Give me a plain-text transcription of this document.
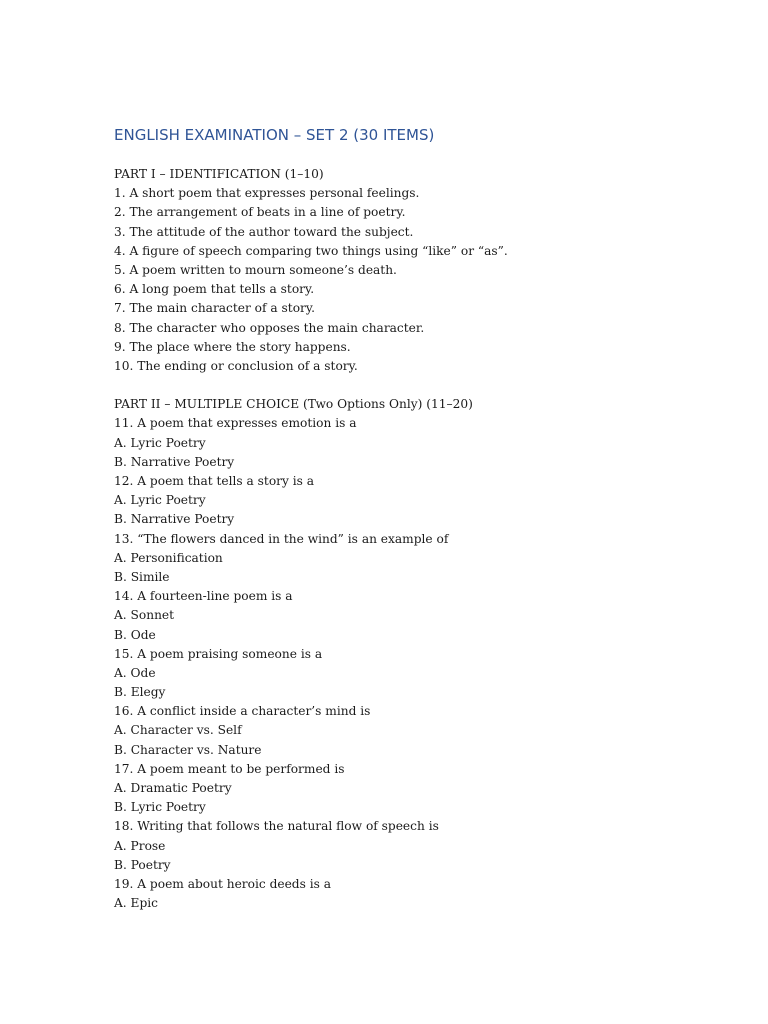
ENGLISH EXAMINATION – SET 2 (30 ITEMS)
PART I – IDENTIFICATION (1–10)
1. A short poem that expresses personal feelings.
2. The arrangement of beats in a line of poetry.
3. The attitude of the author toward the subject.
4. A figure of speech comparing two things using “like” or “as”.
5. A poem written to mourn someone’s death.
6. A long poem that tells a story.
7. The main character of a story.
8. The character who opposes the main character.
9. The place where the story happens.
10. The ending or conclusion of a story.
PART II – MULTIPLE CHOICE (Two Options Only) (11–20)
11. A poem that expresses emotion is a
A. Lyric Poetry
B. Narrative Poetry
12. A poem that tells a story is a
A. Lyric Poetry
B. Narrative Poetry
13. “The flowers danced in the wind” is an example of
A. Personification
B. Simile
14. A fourteen-line poem is a
A. Sonnet
B. Ode
15. A poem praising someone is a
A. Ode
B. Elegy
16. A conflict inside a character’s mind is
A. Character vs. Self
B. Character vs. Nature
17. A poem meant to be performed is
A. Dramatic Poetry
B. Lyric Poetry
18. Writing that follows the natural flow of speech is
A. Prose
B. Poetry
19. A poem about heroic deeds is a
A. Epic
